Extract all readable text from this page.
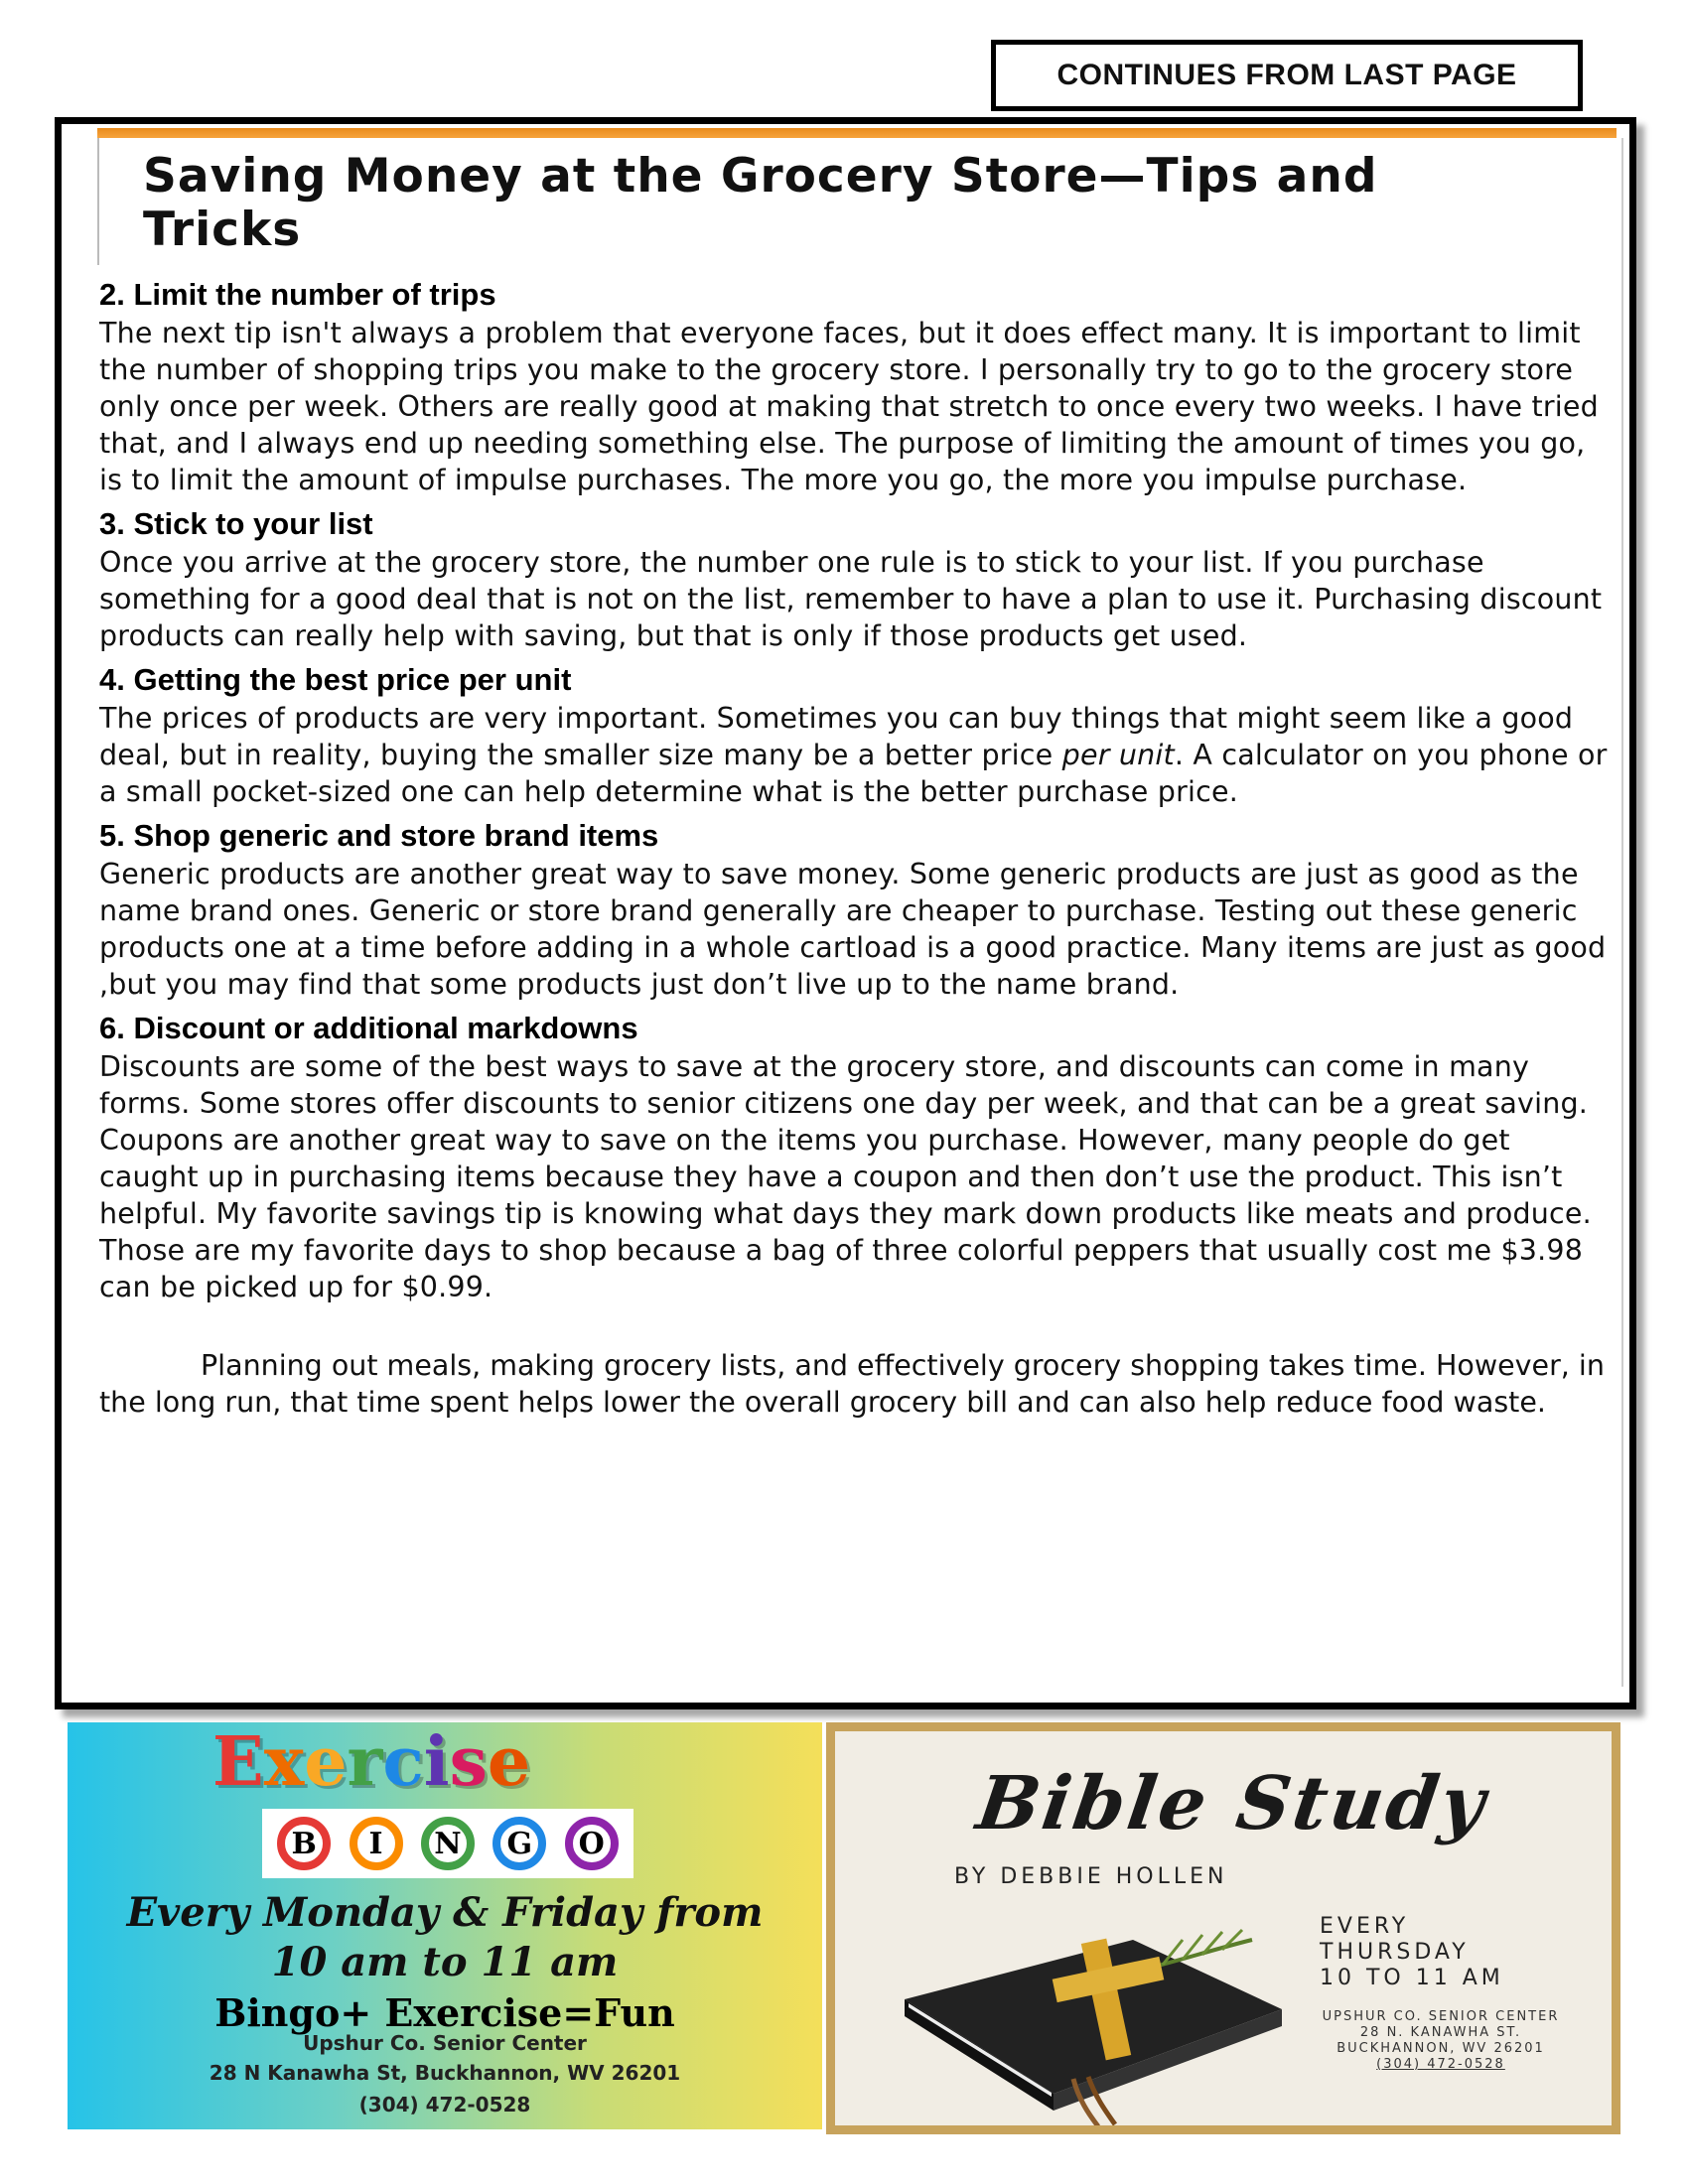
CONTINUES FROM LAST PAGE
Saving Money at the Grocery Store—Tips and Tricks
2. Limit the number of trips

The next tip isn't always a problem that everyone faces, but it does effect many. It is important to limit the number of shopping trips you make to the grocery store. I personally try to go to the grocery store only once per week. Others are really good at making that stretch to once every two weeks. I have tried that, and I always end up needing something else. The purpose of limiting the amount of times you go, is to limit the amount of impulse purchases. The more you go, the more you impulse purchase.

3. Stick to your list

Once you arrive at the grocery store, the number one rule is to stick to your list. If you purchase something for a good deal that is not on the list, remember to have a plan to use it. Purchasing discount products can really help with saving, but that is only if those products get used.

4. Getting the best price per unit

The prices of products are very important. Sometimes you can buy things that might seem like a good deal, but in reality, buying the smaller size many be a better price per unit. A calculator on you phone or a small pocket-sized one can help determine what is the better purchase price.

5. Shop generic and store brand items

Generic products are another great way to save money. Some generic products are just as good as the name brand ones. Generic or store brand generally are cheaper to purchase. Testing out these generic products one at a time before adding in a whole cartload is a good practice. Many items are just as good ,but you may find that some products just don’t live up to the name brand.

6. Discount or additional markdowns

Discounts are some of the best ways to save at the grocery store, and discounts can come in many forms. Some stores offer discounts to senior citizens one day per week, and that can be a great saving. Coupons are another great way to save on the items you purchase. However, many people do get caught up in purchasing items because they have a coupon and then don’t use the product. This isn’t helpful. My favorite savings tip is knowing what days they mark down products like meats and produce. Those are my favorite days to shop because a bag of three colorful peppers that usually cost me $3.98 can be picked up for $0.99.

Planning out meals, making grocery lists, and effectively grocery shopping takes time. However, in the long run, that time spent helps lower the overall grocery bill and can also help reduce food waste.

Exercise
B	I	N	G	O
Every Monday & Friday from
10 am to 11 am
Bingo+ Exercise=Fun
Upshur Co. Senior Center
28 N Kanawha St, Buckhannon, WV 26201
(304) 472-0528
Bible Study
BY DEBBIE HOLLEN
EVERY
THURSDAY
10 TO 11 AM
UPSHUR CO. SENIOR CENTER
28 N. KANAWHA ST.
BUCKHANNON, WV 26201
(304) 472-0528
